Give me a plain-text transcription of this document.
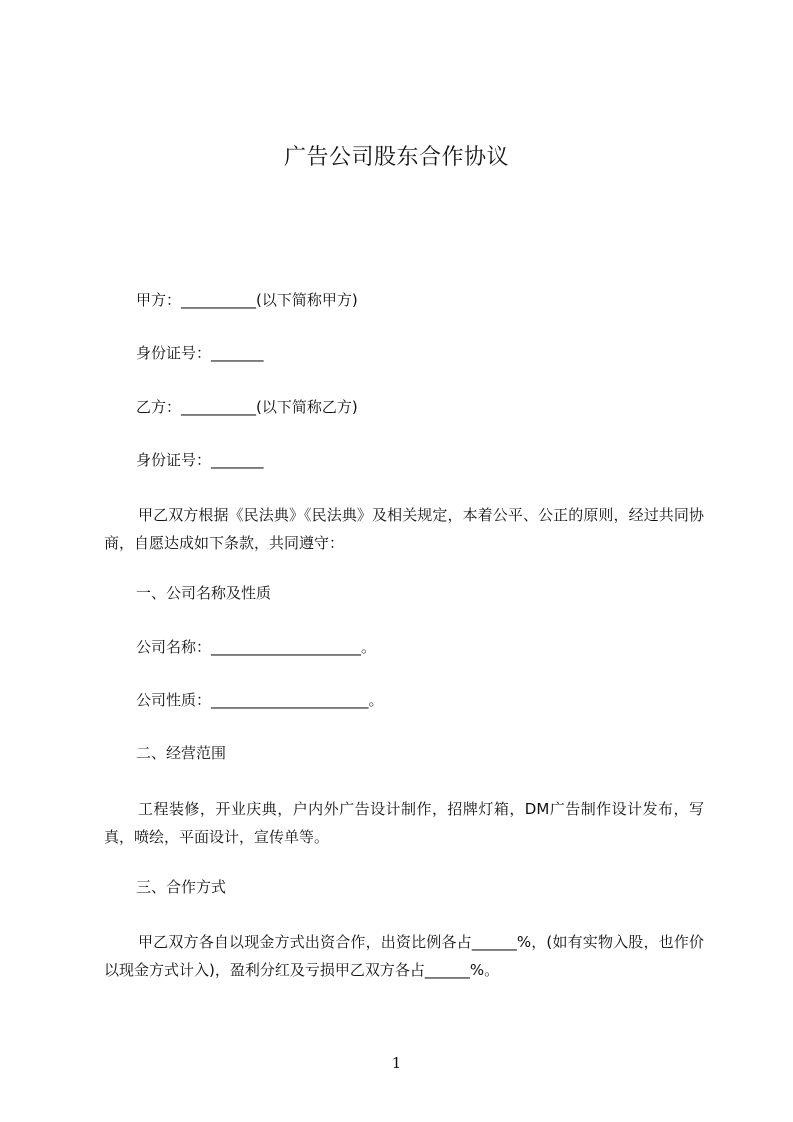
广告公司股东合作协议
甲方：__________(以下简称甲方)
身份证号：_______
乙方：__________(以下简称乙方)
身份证号：_______
甲乙双方根据《民法典》《民法典》及相关规定，本着公平、公正的原则，经过共同协商，自愿达成如下条款，共同遵守：
一、公司名称及性质
公司名称：____________________。
公司性质：_____________________。
二、经营范围
工程装修，开业庆典，户内外广告设计制作，招牌灯箱，DM广告制作设计发布，写真，喷绘，平面设计，宣传单等。
三、合作方式
甲乙双方各自以现金方式出资合作，出资比例各占______%，(如有实物入股，也作价以现金方式计入)，盈利分红及亏损甲乙双方各占______%。
1
